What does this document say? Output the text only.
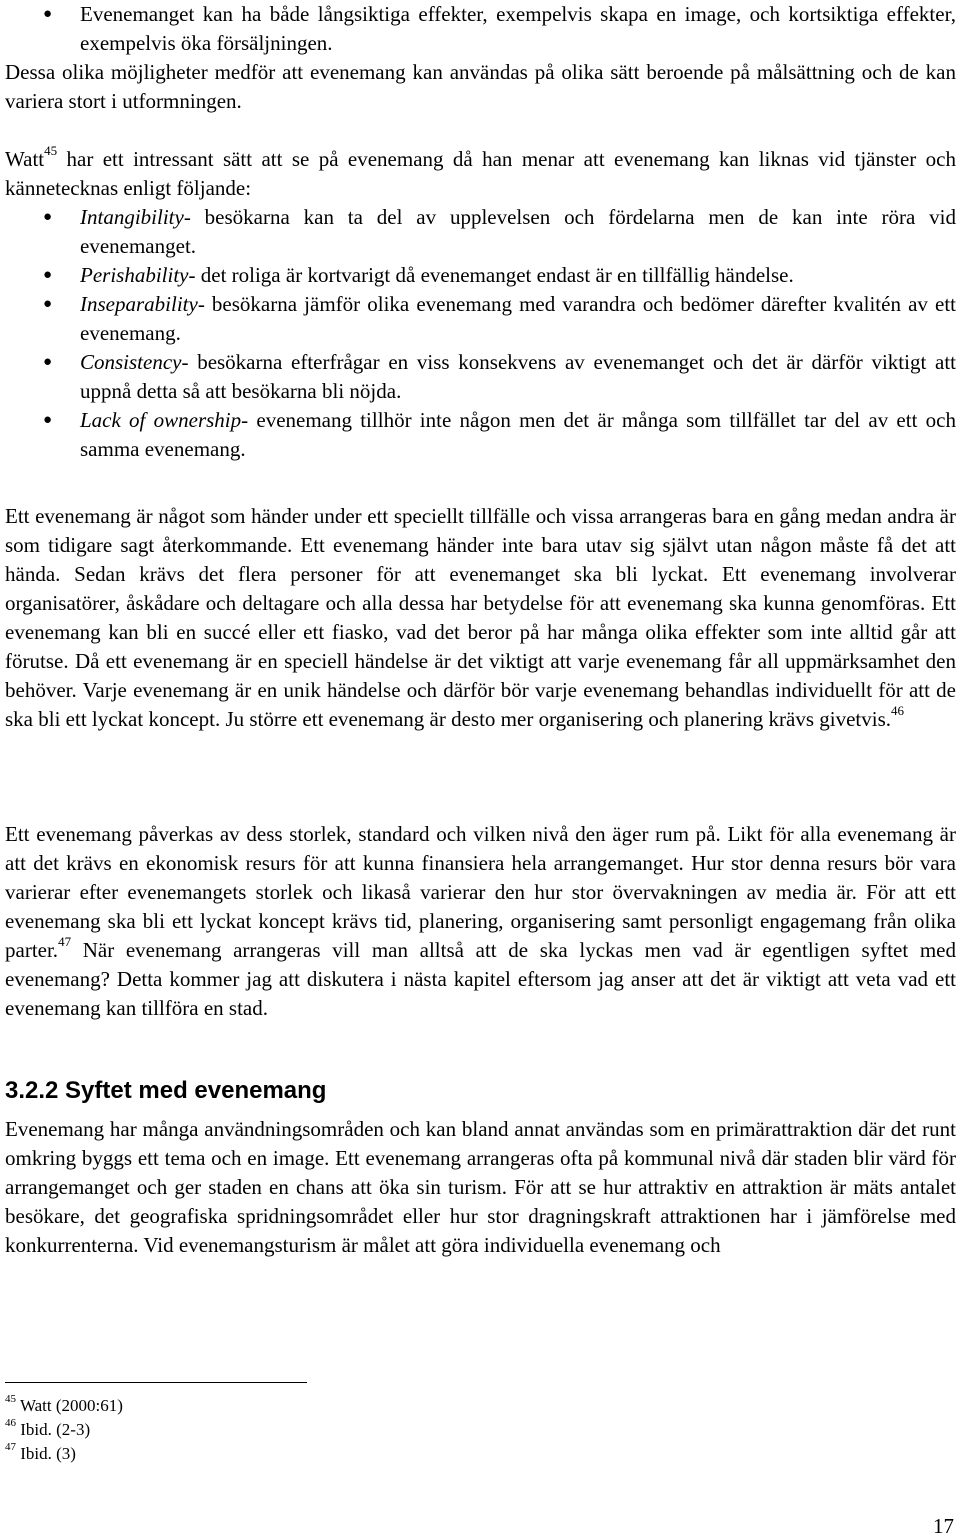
● Evenemanget kan ha både långsiktiga effekter, exempelvis skapa en image, och kortsiktiga effekter, exempelvis öka försäljningen.

Dessa olika möjligheter medför att evenemang kan användas på olika sätt beroende på målsättning och de kan variera stort i utformningen.

Watt$^{45}$ har ett intressant sätt att se på evenemang då han menar att evenemang kan liknas vid tjänster och kännetecknas enligt följande:

● Intangibility- besökarna kan ta del av upplevelsen och fördelarna men de kan inte röra vid evenemanget.
● Perishability- det roliga är kortvarigt då evenemanget endast är en tillfällig händelse.
● Inseparability- besökarna jämför olika evenemang med varandra och bedömer därefter kvalitén av ett evenemang.
● Consistency- besökarna efterfrågar en viss konsekvens av evenemanget och det är därför viktigt att uppnå detta så att besökarna bli nöjda.
● Lack of ownership- evenemang tillhör inte någon men det är många som tillfället tar del av ett och samma evenemang.

Ett evenemang är något som händer under ett speciellt tillfälle och vissa arrangeras bara en gång medan andra är som tidigare sagt återkommande. Ett evenemang händer inte bara utav sig självt utan någon måste få det att hända. Sedan krävs det flera personer för att evenemanget ska bli lyckat. Ett evenemang involverar organisatörer, åskådare och deltagare och alla dessa har betydelse för att evenemang ska kunna genomföras. Ett evenemang kan bli en succé eller ett fiasko, vad det beror på har många olika effekter som inte alltid går att förutse. Då ett evenemang är en speciell händelse är det viktigt att varje evenemang får all uppmärksamhet den behöver. Varje evenemang är en unik händelse och därför bör varje evenemang behandlas individuellt för att de ska bli ett lyckat koncept. Ju större ett evenemang är desto mer organisering och planering krävs givetvis.$^{46}$

Ett evenemang påverkas av dess storlek, standard och vilken nivå den äger rum på. Likt för alla evenemang är att det krävs en ekonomisk resurs för att kunna finansiera hela arrangemanget. Hur stor denna resurs bör vara varierar efter evenemangets storlek och likaså varierar den hur stor övervakningen av media är. För att ett evenemang ska bli ett lyckat koncept krävs tid, planering, organisering samt personligt engagemang från olika parter.$^{47}$ När evenemang arrangeras vill man alltså att de ska lyckas men vad är egentligen syftet med evenemang? Detta kommer jag att diskutera i nästa kapitel eftersom jag anser att det är viktigt att veta vad ett evenemang kan tillföra en stad.

3.2.2 Syftet med evenemang

Evenemang har många användningsområden och kan bland annat användas som en primärattraktion där det runt omkring byggs ett tema och en image. Ett evenemang arrangeras ofta på kommunal nivå där staden blir värd för arrangemanget och ger staden en chans att öka sin turism. För att se hur attraktiv en attraktion är mäts antalet besökare, det geografiska spridningsområdet eller hur stor dragningskraft attraktionen har i jämförelse med konkurrenterna. Vid evenemangsturism är målet att göra individuella evenemang och

$^{45}$ Watt (2000:61)
$^{46}$ Ibid. (2-3)
$^{47}$ Ibid. (3)
17
